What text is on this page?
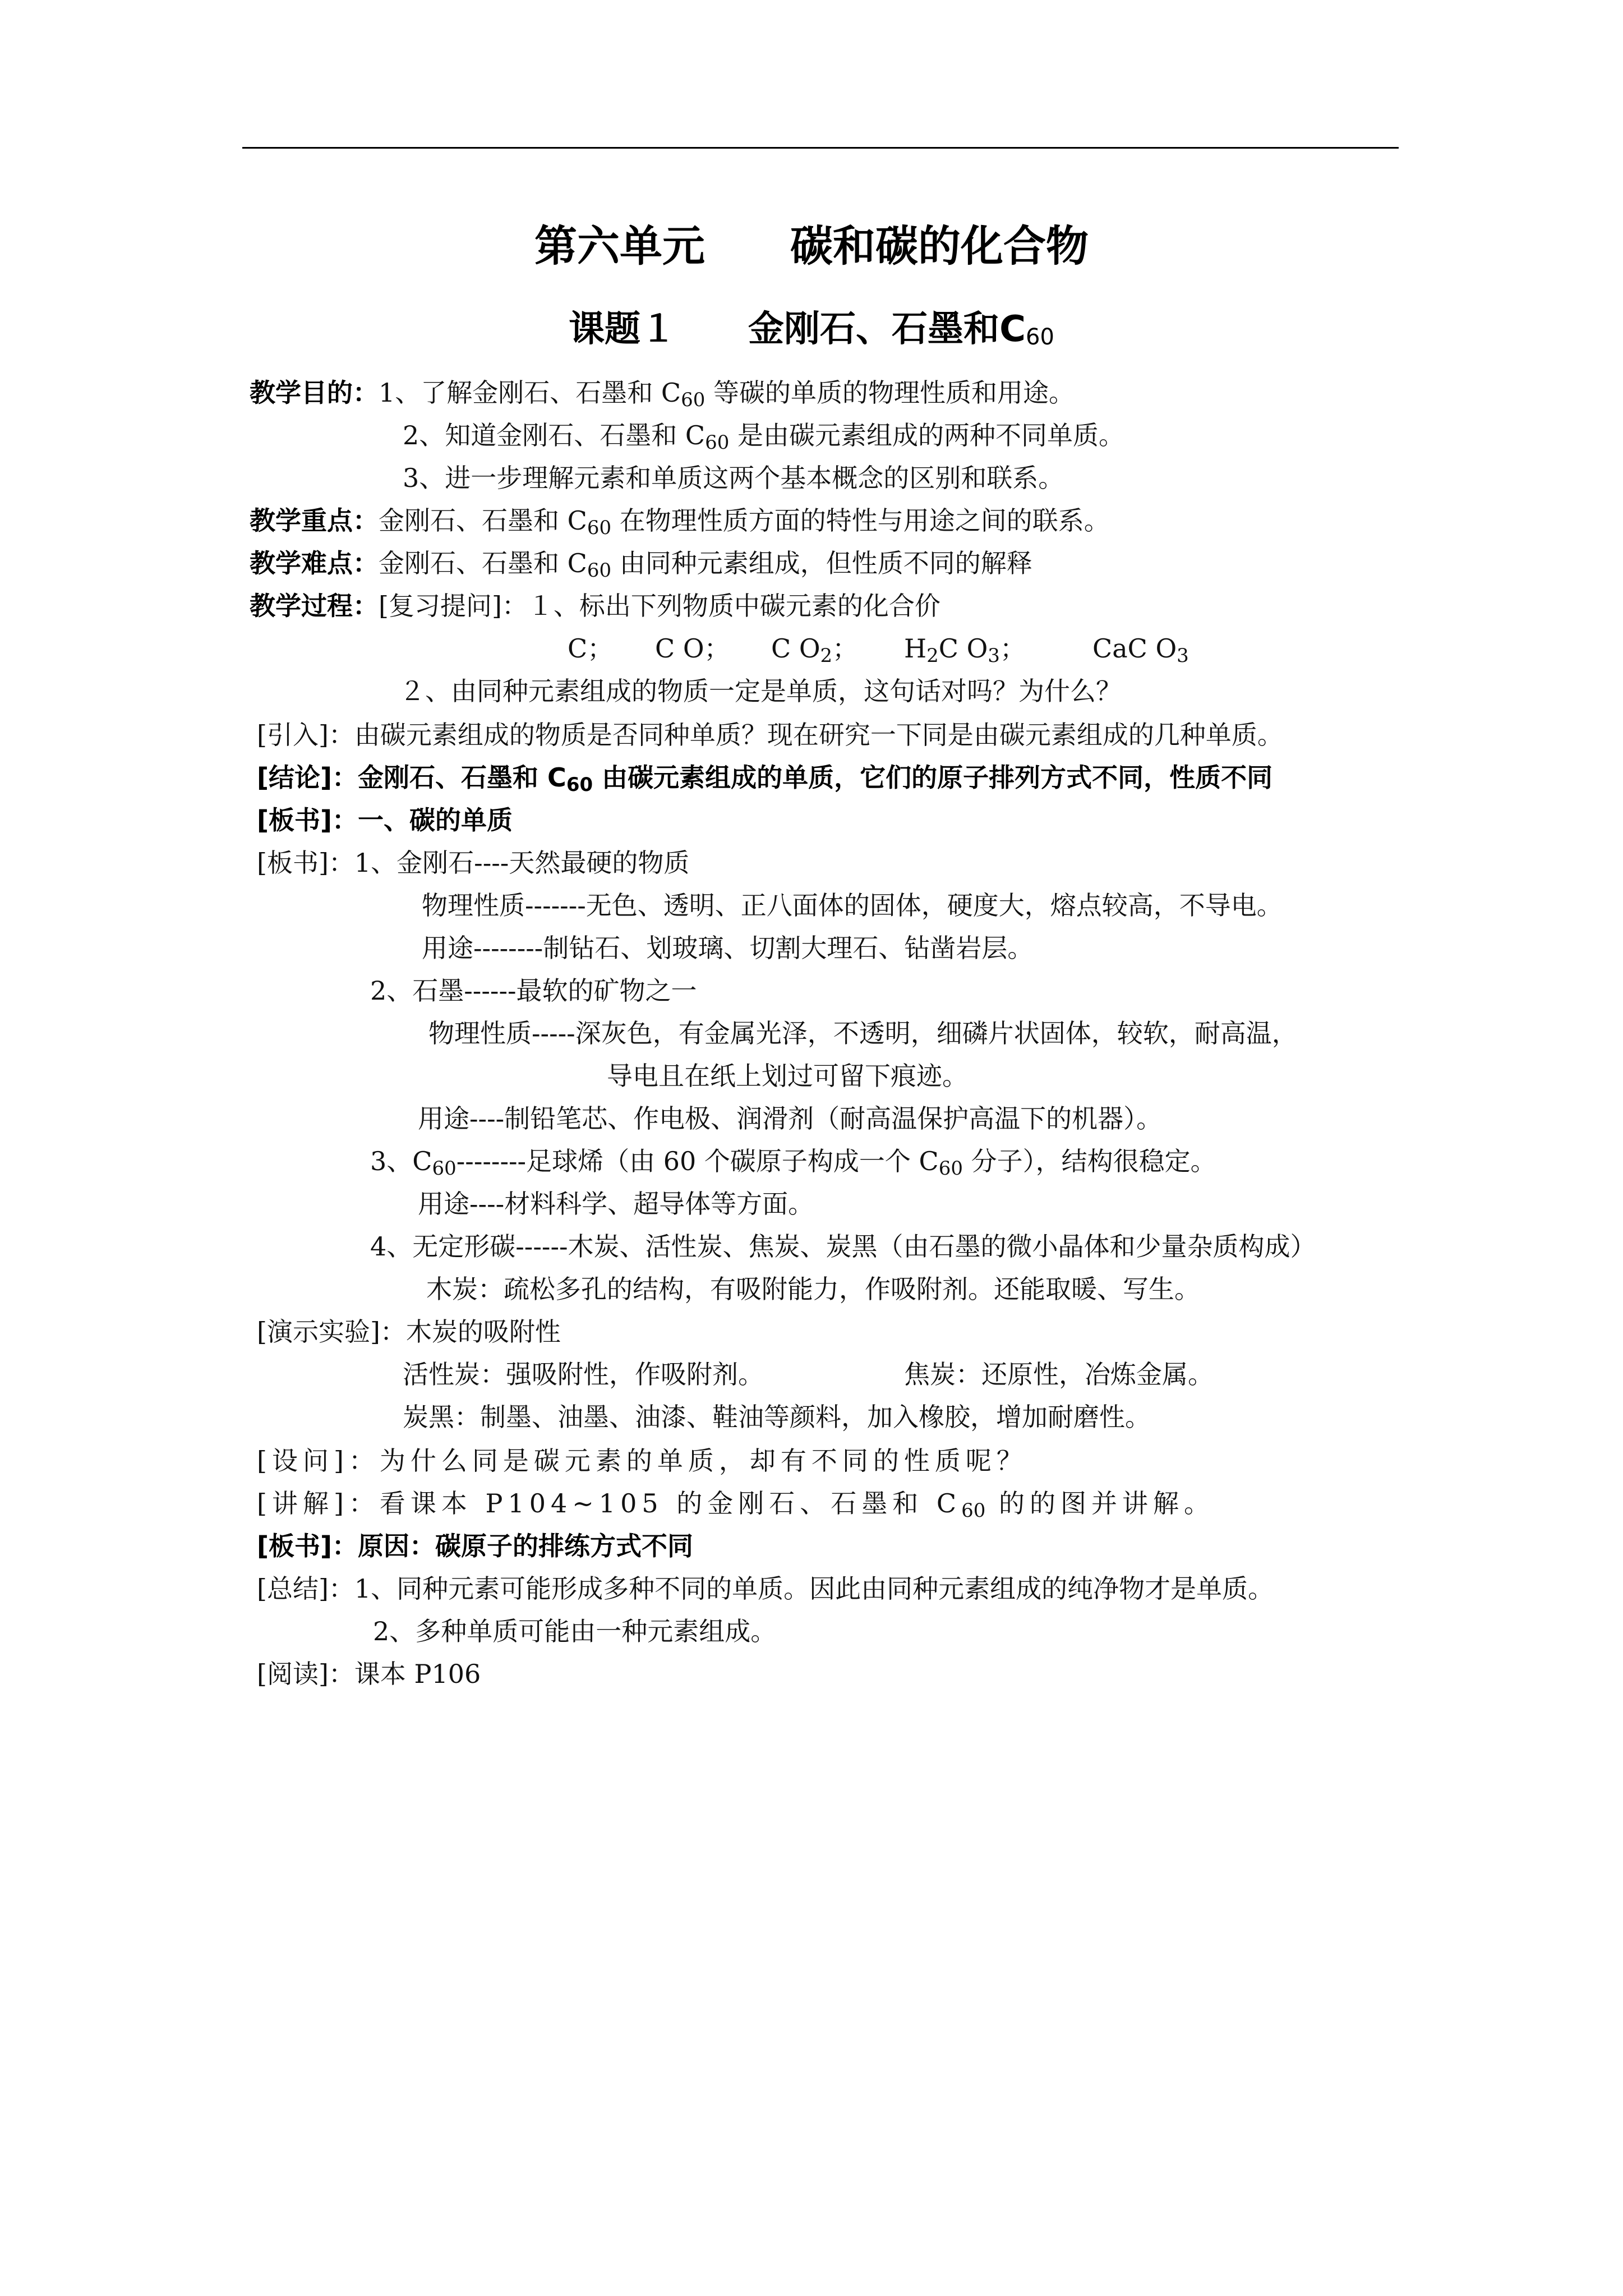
第六单元　　碳和碳的化合物
课题１　　金刚石、石墨和C60
教学目的：1、了解金刚石、石墨和 $C_{60}$ 等碳的单质的物理性质和用途。
2、知道金刚石、石墨和 $C_{60}$ 是由碳元素组成的两种不同单质。
3、进一步理解元素和单质这两个基本概念的区别和联系。
教学重点：金刚石、石墨和 $C_{60}$ 在物理性质方面的特性与用途之间的联系。
教学难点：金刚石、石墨和 $C_{60}$ 由同种元素组成，但性质不同的解释
教学过程：[复习提问]：１、标出下列物质中碳元素的化合价
C； C O； C $O_2$； $H_2C$ $O_3$；	CaC $O_3$
２、由同种元素组成的物质一定是单质，这句话对吗？为什么？
[引入]：由碳元素组成的物质是否同种单质？现在研究一下同是由碳元素组成的几种单质。
[结论]：金刚石、石墨和 $C_{60}$ 由碳元素组成的单质，它们的原子排列方式不同，性质不同
[板书]：一、碳的单质
[板书]：1、金刚石----天然最硬的物质
物理性质-------无色、透明、正八面体的固体，硬度大，熔点较高，不导电。
用途--------制钻石、划玻璃、切割大理石、钻凿岩层。
2、石墨------最软的矿物之一
物理性质-----深灰色，有金属光泽，不透明，细磷片状固体，较软，耐高温，
导电且在纸上划过可留下痕迹。
用途----制铅笔芯、作电极、润滑剂（耐高温保护高温下的机器）。
3、$C_{60}--------$足球烯（由 60 个碳原子构成一个 $C_{60}$ 分子），结构很稳定。
用途----材料科学、超导体等方面。
4、无定形碳------木炭、活性炭、焦炭、炭黑（由石墨的微小晶体和少量杂质构成）
木炭：疏松多孔的结构，有吸附能力，作吸附剂。还能取暖、写生。
[演示实验]：木炭的吸附性
活性炭：强吸附性，作吸附剂。	焦炭：还原性，冶炼金属。
炭黑：制墨、油墨、油漆、鞋油等颜料，加入橡胶，增加耐磨性。
[设问]：为什么同是碳元素的单质，却有不同的性质呢？
[讲解]：看课本 P104~105 的金刚石、石墨和 $C_{60}$ 的的图并讲解。
[板书]：原因：碳原子的排练方式不同
[总结]：1、同种元素可能形成多种不同的单质。因此由同种元素组成的纯净物才是单质。
2、多种单质可能由一种元素组成。
[阅读]：课本 P106
